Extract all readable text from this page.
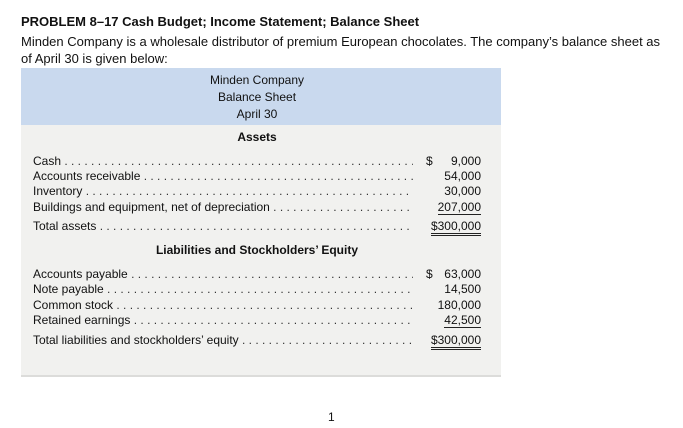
PROBLEM 8–17 Cash Budget; Income Statement; Balance Sheet
Minden Company is a wholesale distributor of premium European chocolates. The company’s balance sheet as of April 30 is given below:
Minden Company
Balance Sheet
April 30
Assets
Cash . . .	$ 9,000
Accounts receivable . . .	54,000
Inventory . . .	30,000
Buildings and equipment, net of depreciation . . .	207,000
Total assets . . .	$300,000
Liabilities and Stockholders’ Equity
Accounts payable . . .	$ 63,000
Note payable . . .	14,500
Common stock . . .	180,000
Retained earnings . . .	42,500
Total liabilities and stockholders’ equity . . .	$300,000
1
